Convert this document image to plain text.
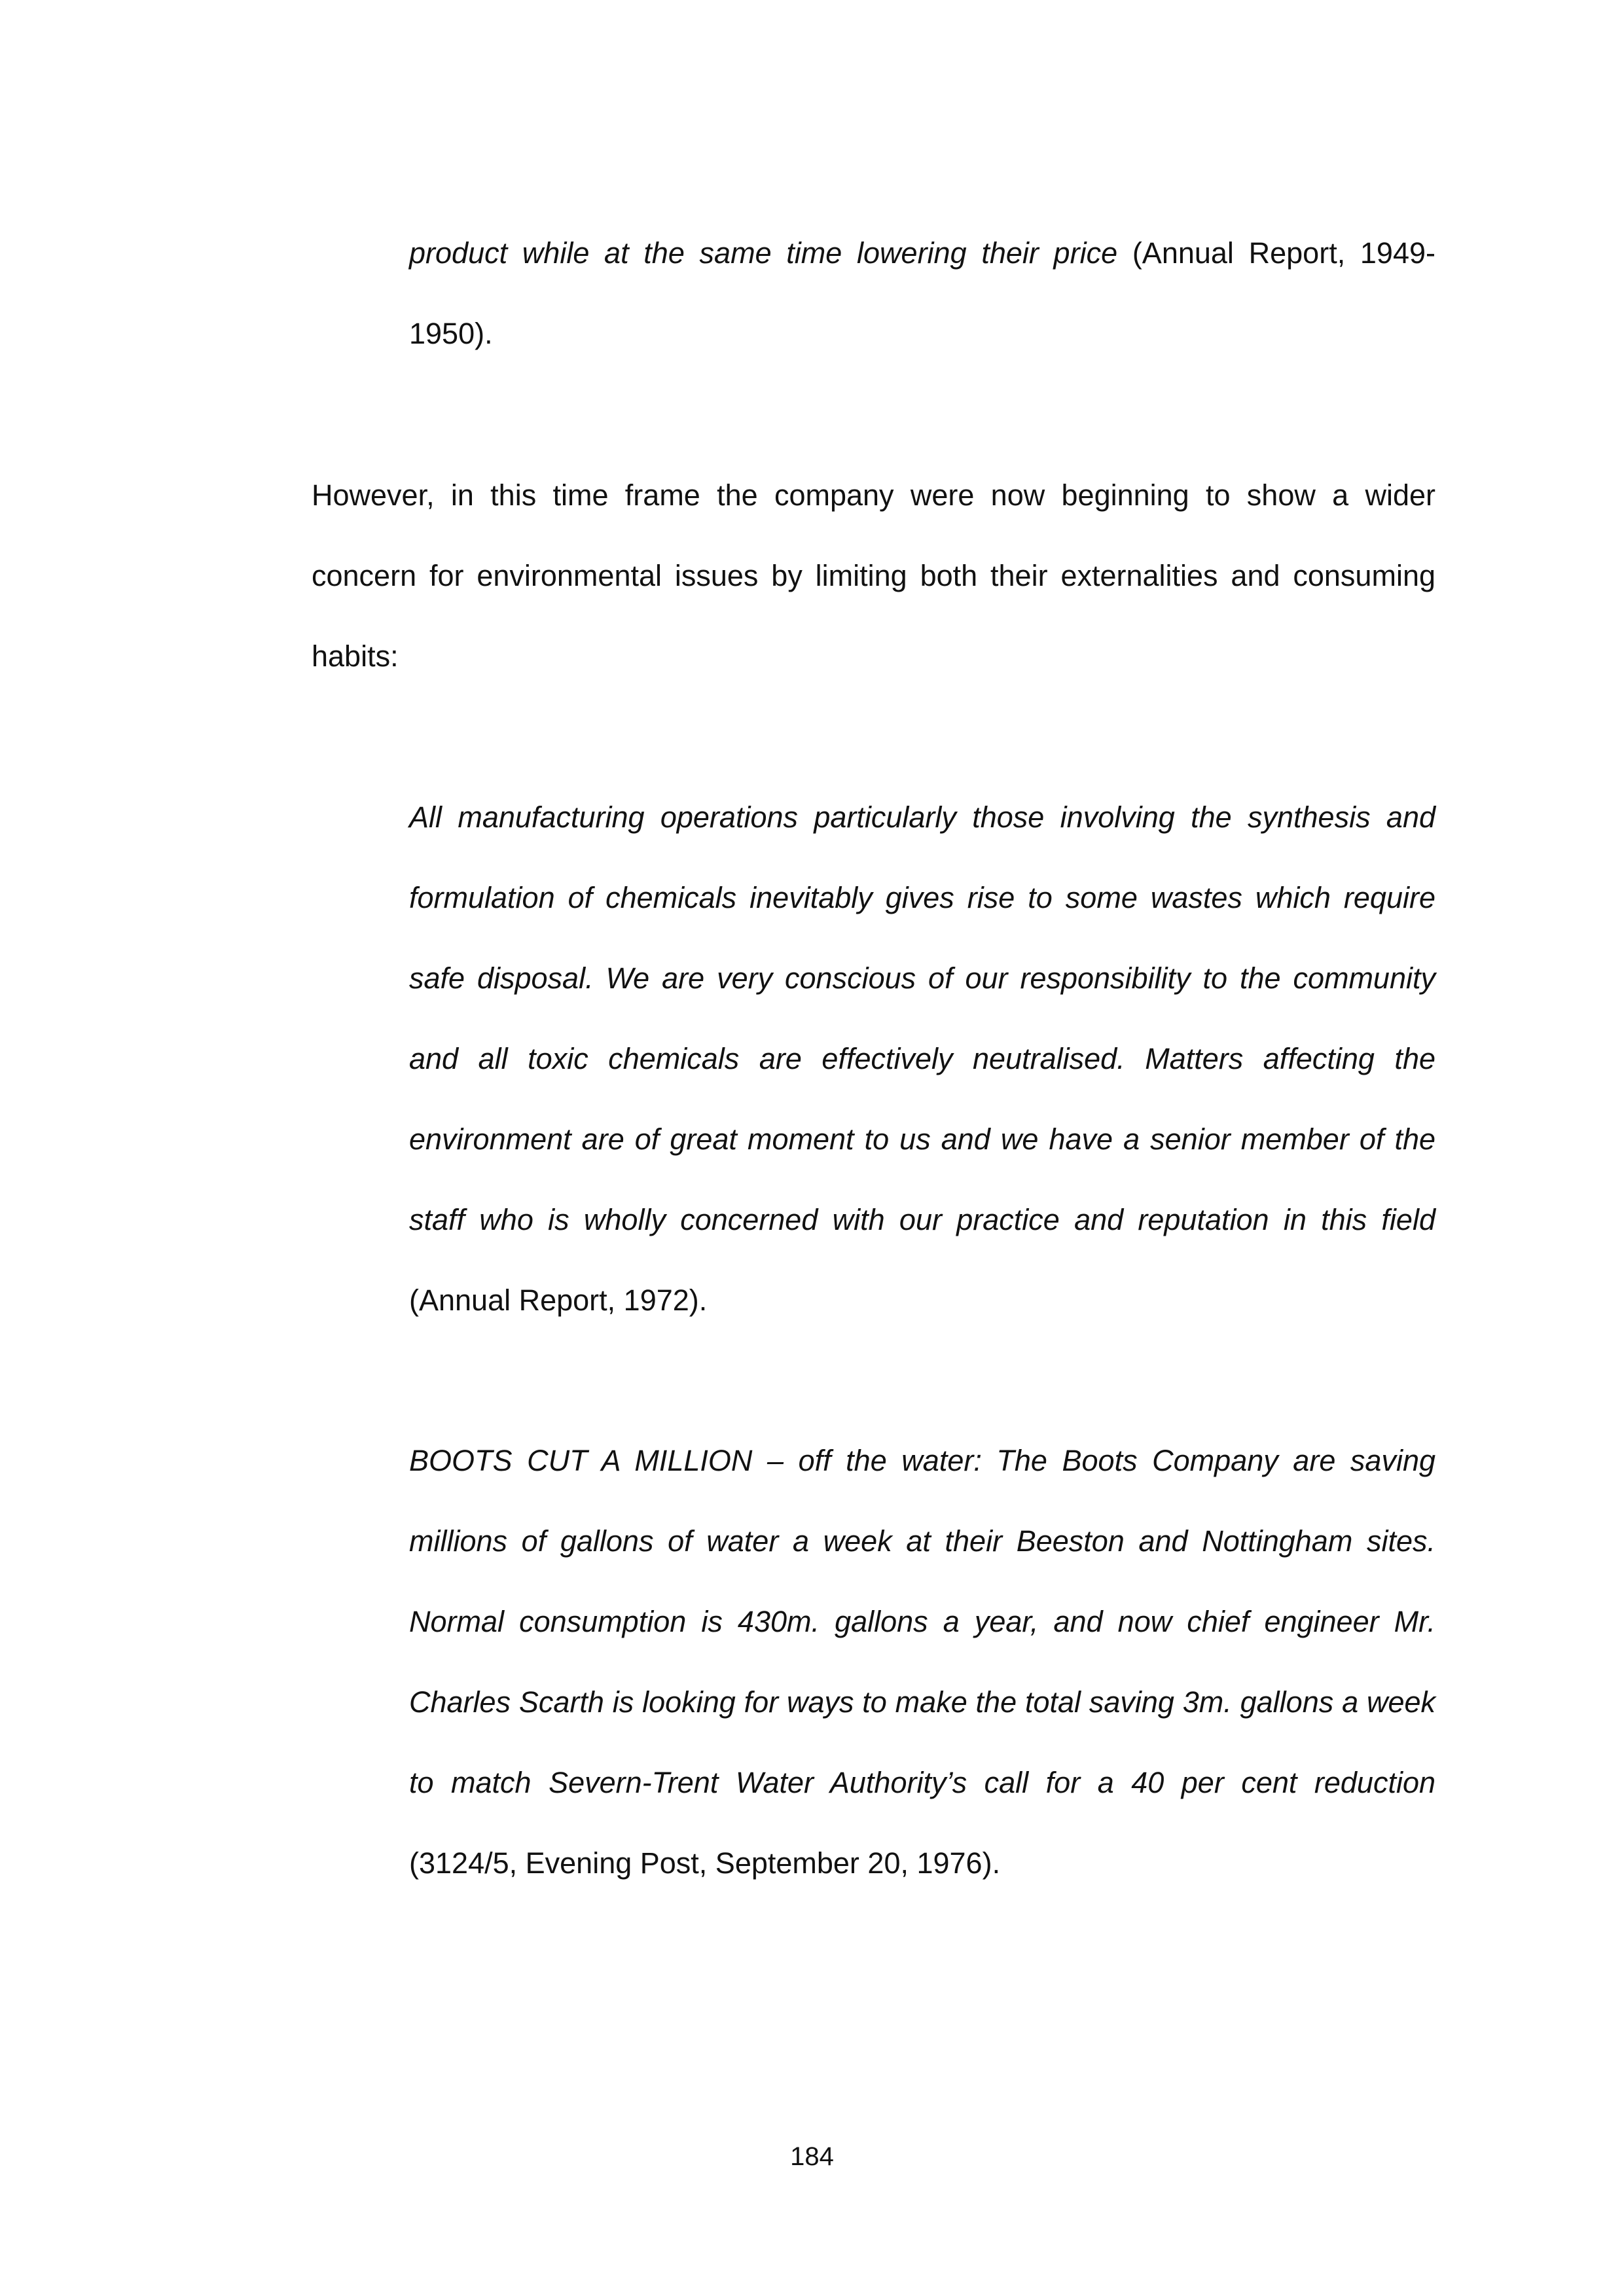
product while at the same time lowering their price (Annual Report, 1949-1950).

However, in this time frame the company were now beginning to show a wider concern for environmental issues by limiting both their externalities and consuming habits:

All manufacturing operations particularly those involving the synthesis and formulation of chemicals inevitably gives rise to some wastes which require safe disposal. We are very conscious of our responsibility to the community and all toxic chemicals are effectively neutralised. Matters affecting the environment are of great moment to us and we have a senior member of the staff who is wholly concerned with our practice and reputation in this field (Annual Report, 1972).

BOOTS CUT A MILLION – off the water: The Boots Company are saving millions of gallons of water a week at their Beeston and Nottingham sites. Normal consumption is 430m. gallons a year, and now chief engineer Mr. Charles Scarth is looking for ways to make the total saving 3m. gallons a week to match Severn-Trent Water Authority’s call for a 40 per cent reduction (3124/5, Evening Post, September 20, 1976).

184
